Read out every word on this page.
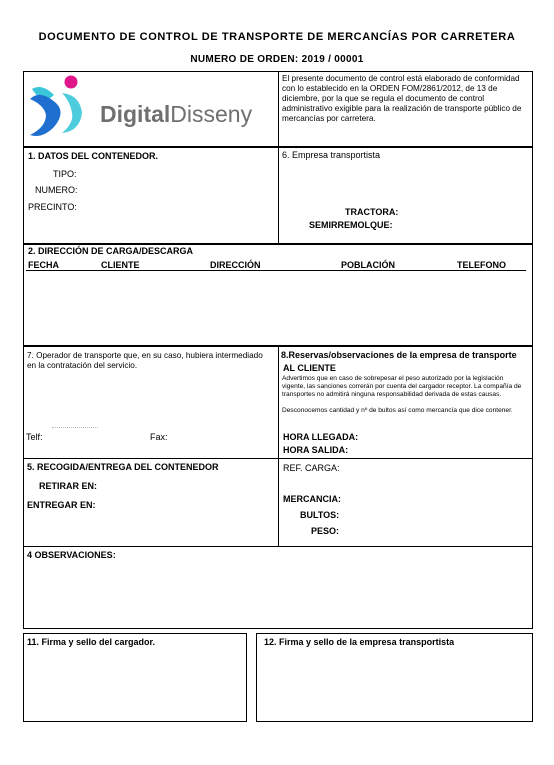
DOCUMENTO DE CONTROL DE TRANSPORTE DE MERCANCÍAS POR CARRETERA
NUMERO DE ORDEN: 2019 / 00001
DigitalDisseny
El presente documento de control está elaborado de conformidad con lo establecido en la ORDEN FOM/2861/2012, de 13 de diciembre, por la que se regula el documento de control administrativo exigible para la realización de transporte público de mercancías por carretera.
1. DATOS DEL CONTENEDOR.
TIPO:
NUMERO:
PRECINTO:
6. Empresa transportista
TRACTORA:
SEMIRREMOLQUE:
2. DIRECCIÓN DE CARGA/DESCARGA
FECHA	CLIENTE	DIRECCIÓN	POBLACIÓN	TELEFONO
7. Operador de transporte que, en su caso, hubiera intermediado en la contratación del servicio.
Telf:	Fax:
8.Reservas/observaciones de la empresa de transporte
AL CLIENTE
Advertimos que en caso de sobrepesar el peso autorizado por la legislación vigente, las sanciones correrán por cuenta del cargador receptor. La compañía de transportes no admitirá ninguna responsabilidad derivada de estas causas.
Desconocemos cantidad y nº de bultos así como mercancía que dice contener.
HORA LLEGADA:
HORA SALIDA:
5. RECOGIDA/ENTREGA DEL CONTENEDOR
RETIRAR EN:
ENTREGAR EN:
REF. CARGA:
MERCANCIA:
BULTOS:
PESO:
4 OBSERVACIONES:
11. Firma y sello del cargador.	12. Firma y sello de la empresa transportista
